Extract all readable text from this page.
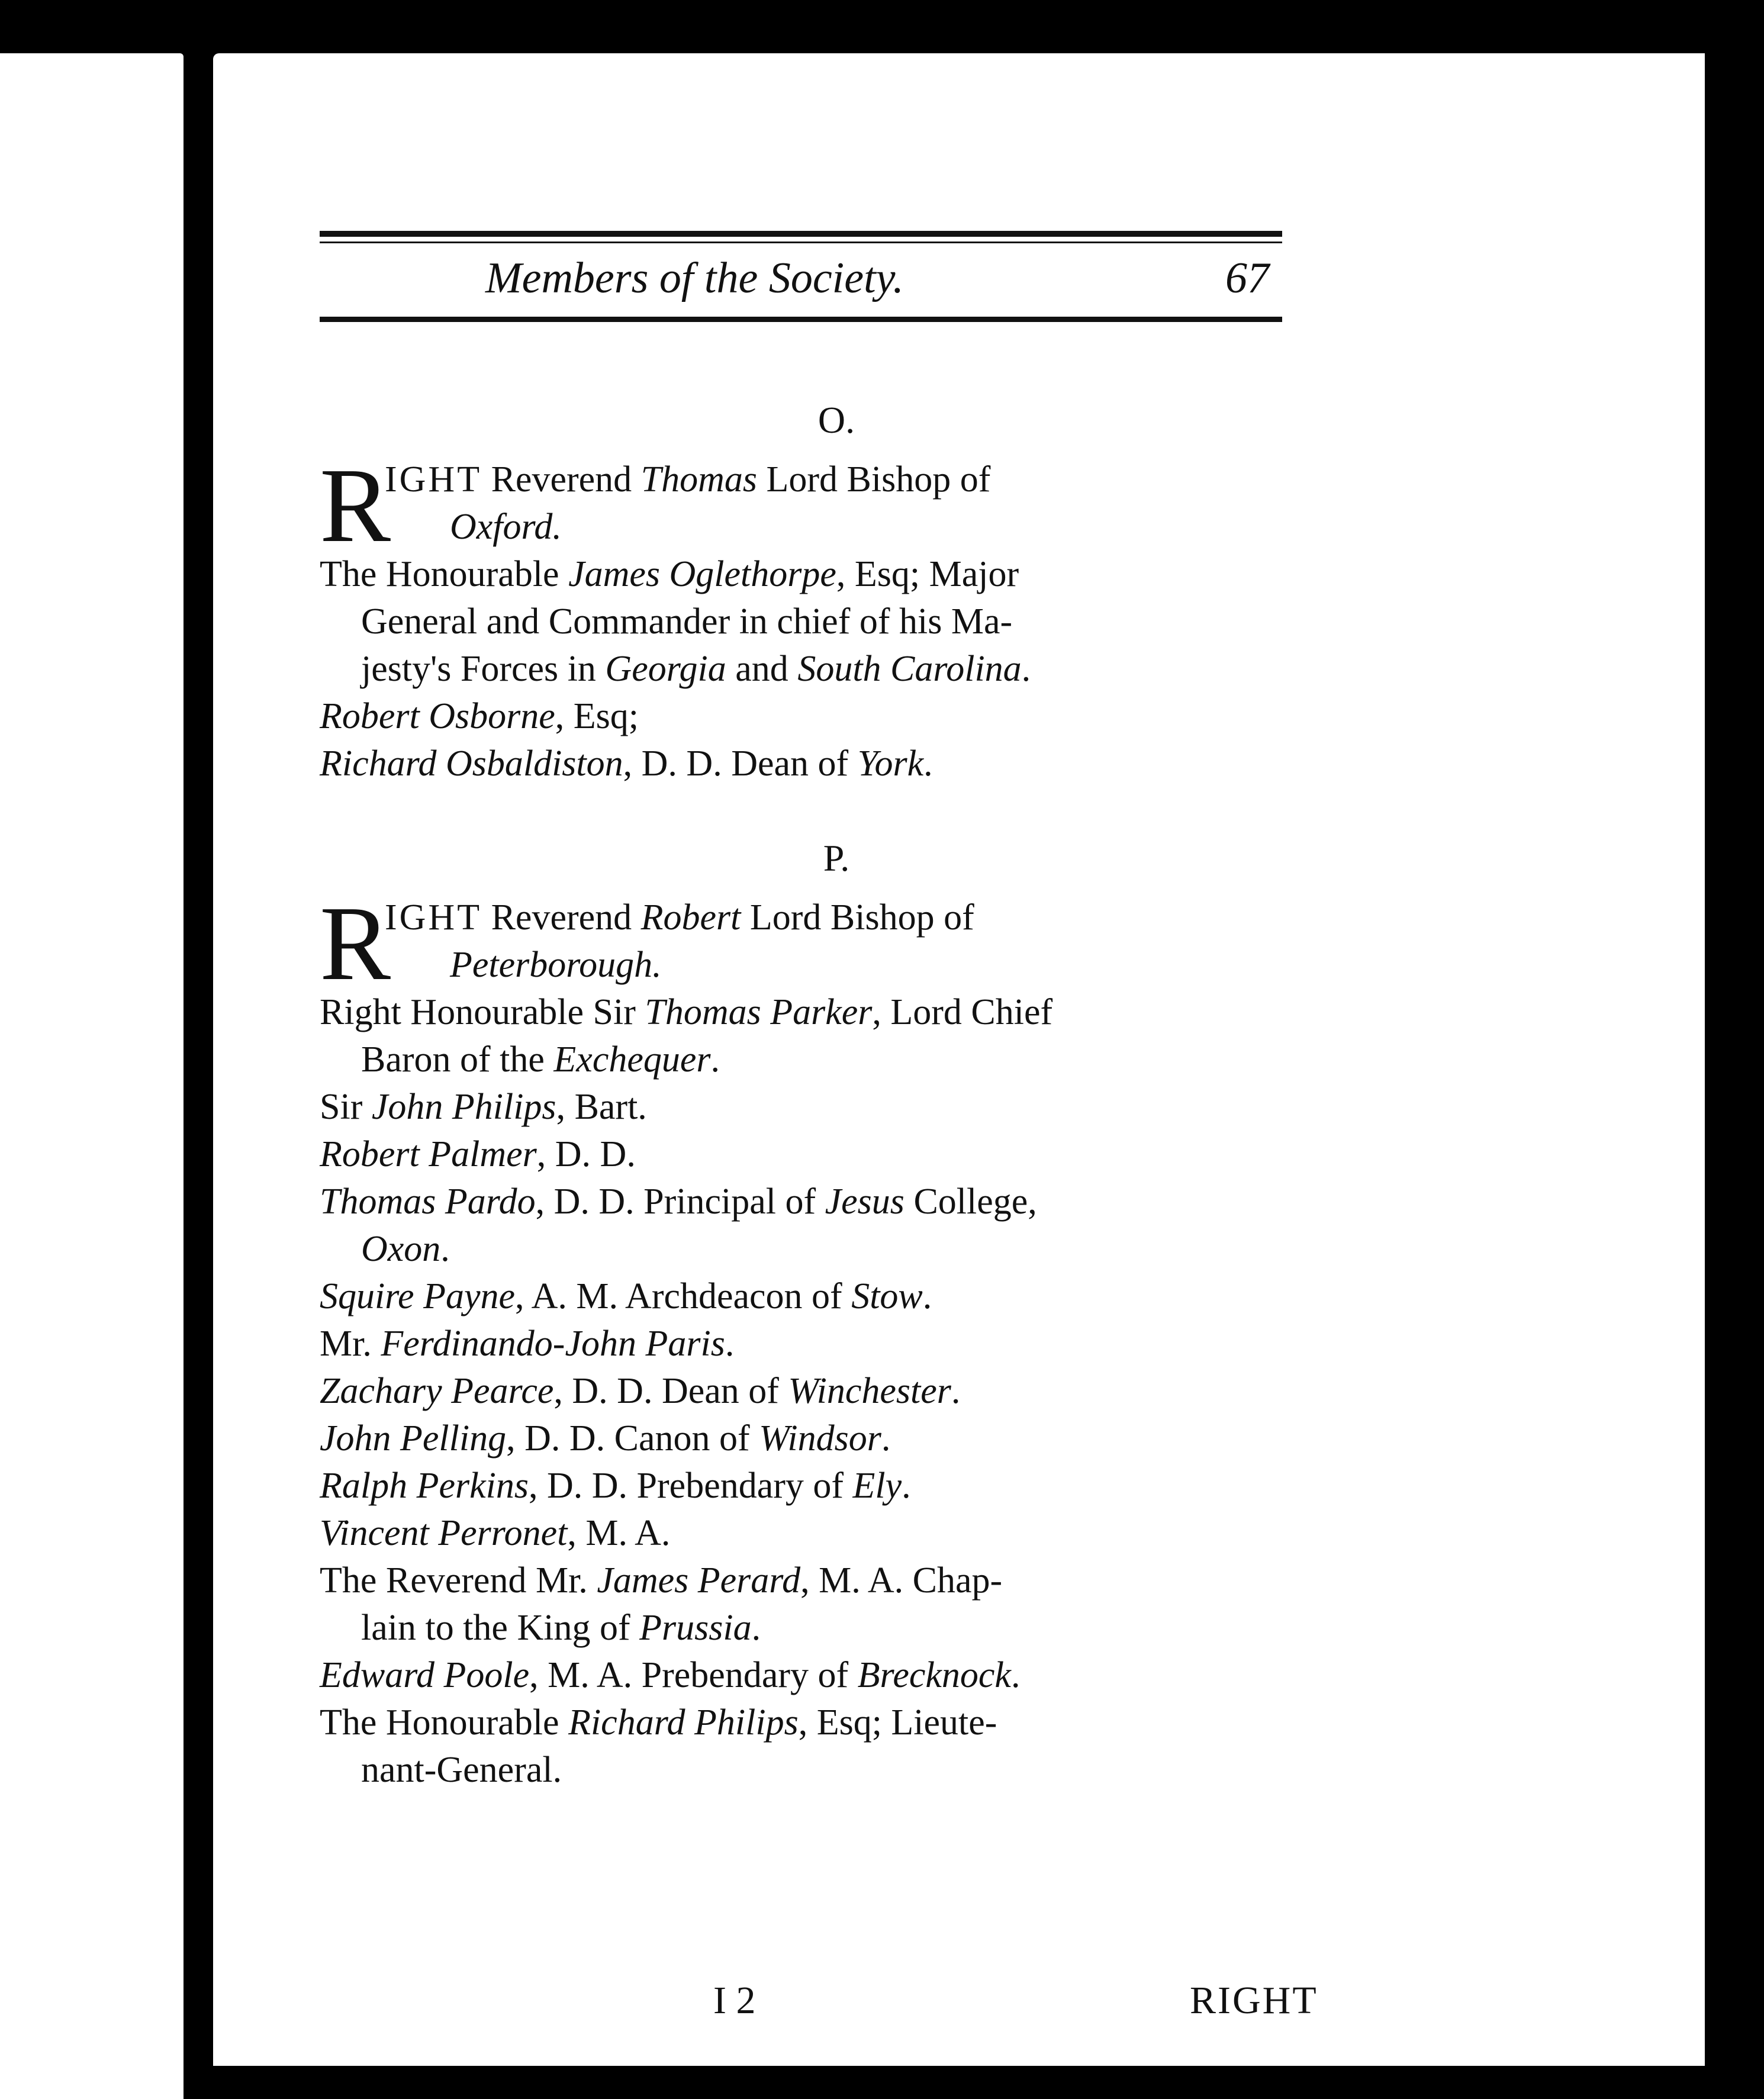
Members of the Society.	67
O.
R
IGHT Reverend Thomas Lord Bishop of
Oxford.
The Honourable James Oglethorpe, Esq; Major
General and Commander in chief of his Ma-
jesty's Forces in Georgia and South Carolina.
Robert Osborne, Esq;
Richard Osbaldiston, D. D. Dean of York.
P.
R
IGHT Reverend Robert Lord Bishop of
Peterborough.
Right Honourable Sir Thomas Parker, Lord Chief
Baron of the Exchequer.
Sir John Philips, Bart.
Robert Palmer, D. D.
Thomas Pardo, D. D. Principal of Jesus College,
Oxon.
Squire Payne, A. M. Archdeacon of Stow.
Mr. Ferdinando-John Paris.
Zachary Pearce, D. D. Dean of Winchester.
John Pelling, D. D. Canon of Windsor.
Ralph Perkins, D. D. Prebendary of Ely.
Vincent Perronet, M. A.
The Reverend Mr. James Perard, M. A. Chap-
lain to the King of Prussia.
Edward Poole, M. A. Prebendary of Brecknock.
The Honourable Richard Philips, Esq; Lieute-
nant-General.
I 2	RIGHT
